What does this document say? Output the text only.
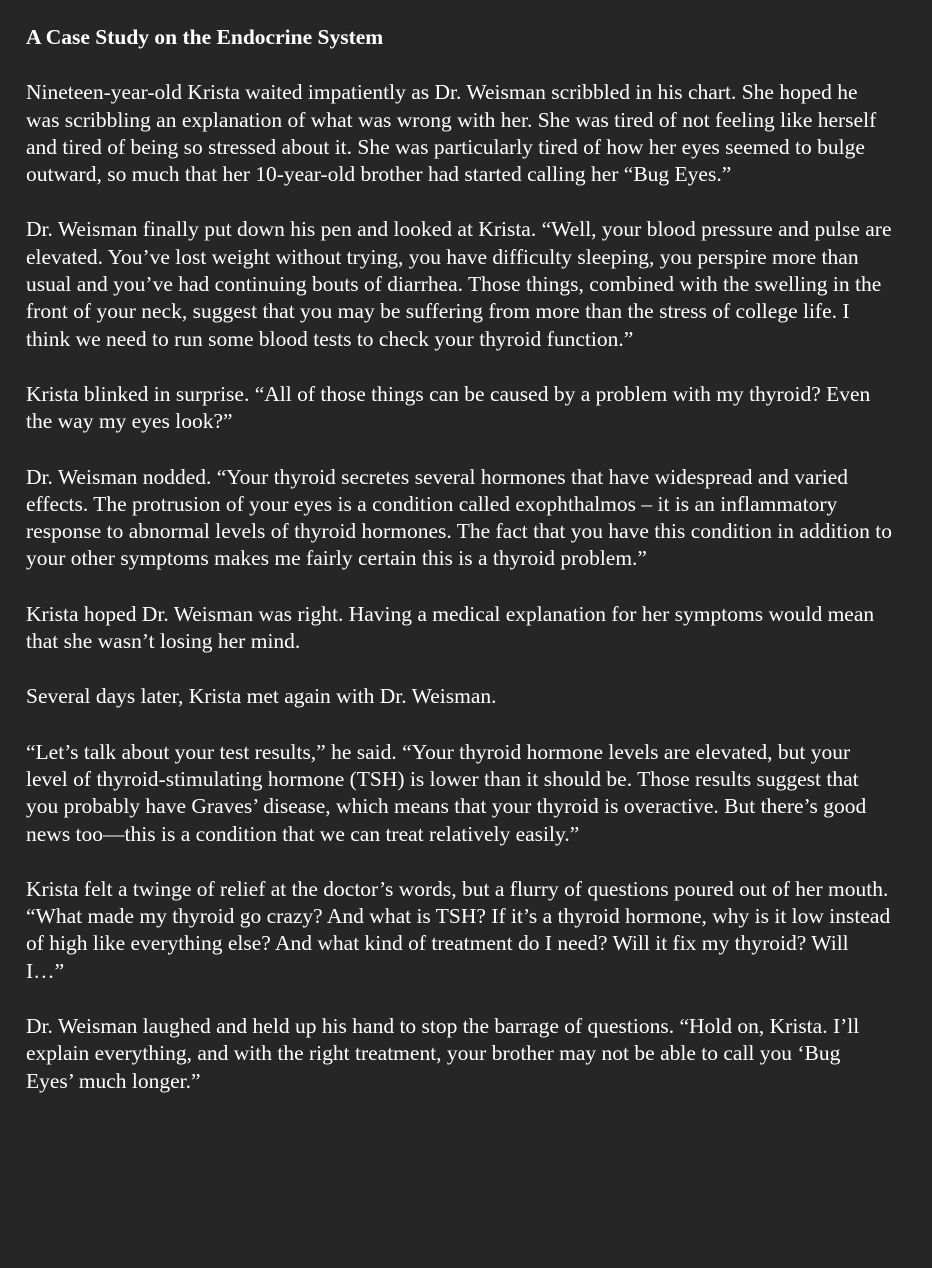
A Case Study on the Endocrine System

Nineteen-year-old Krista waited impatiently as Dr. Weisman scribbled in his chart. She hoped he was scribbling an explanation of what was wrong with her. She was tired of not feeling like herself and tired of being so stressed about it. She was particularly tired of how her eyes seemed to bulge outward, so much that her 10-year-old brother had started calling her “Bug Eyes.”

Dr. Weisman finally put down his pen and looked at Krista. “Well, your blood pressure and pulse are elevated. You’ve lost weight without trying, you have difficulty sleeping, you perspire more than usual and you’ve had continuing bouts of diarrhea. Those things, combined with the swelling in the front of your neck, suggest that you may be suffering from more than the stress of college life. I think we need to run some blood tests to check your thyroid function.”

Krista blinked in surprise. “All of those things can be caused by a problem with my thyroid? Even the way my eyes look?”

Dr. Weisman nodded. “Your thyroid secretes several hormones that have widespread and varied effects. The protrusion of your eyes is a condition called exophthalmos – it is an inflammatory response to abnormal levels of thyroid hormones. The fact that you have this condition in addition to your other symptoms makes me fairly certain this is a thyroid problem.”

Krista hoped Dr. Weisman was right. Having a medical explanation for her symptoms would mean that she wasn’t losing her mind.

Several days later, Krista met again with Dr. Weisman.

“Let’s talk about your test results,” he said. “Your thyroid hormone levels are elevated, but your level of thyroid-stimulating hormone (TSH) is lower than it should be. Those results suggest that you probably have Graves’ disease, which means that your thyroid is overactive. But there’s good news too—this is a condition that we can treat relatively easily.”

Krista felt a twinge of relief at the doctor’s words, but a flurry of questions poured out of her mouth. “What made my thyroid go crazy? And what is TSH? If it’s a thyroid hormone, why is it low instead of high like everything else? And what kind of treatment do I need? Will it fix my thyroid? Will I…”

Dr. Weisman laughed and held up his hand to stop the barrage of questions. “Hold on, Krista. I’ll explain everything, and with the right treatment, your brother may not be able to call you ‘Bug Eyes’ much longer.”
